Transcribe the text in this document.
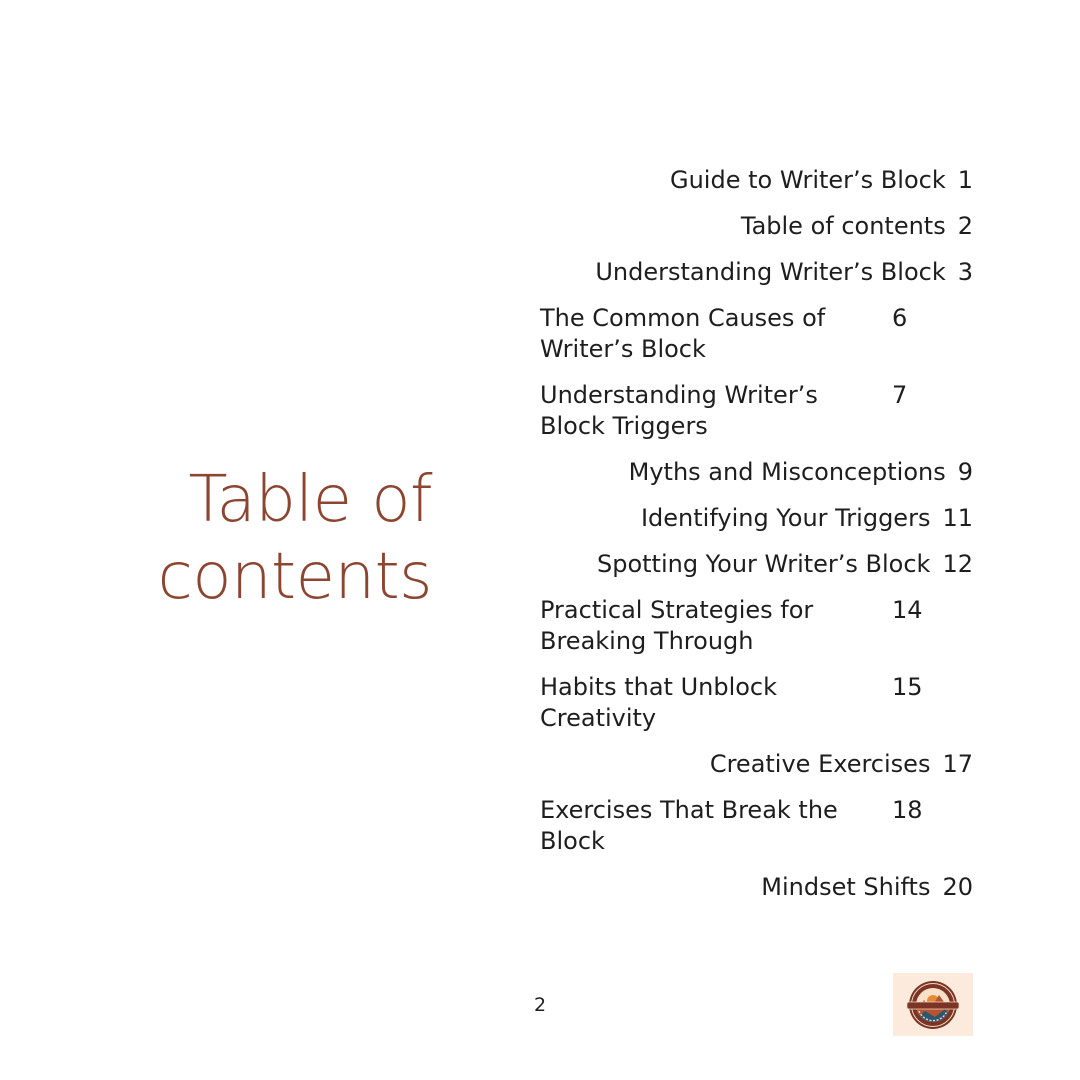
Table of contents
Guide to Writer’s Block 1
Table of contents 2
Understanding Writer’s Block 3
The Common Causes of Writer’s Block
6
Understanding Writer’s Block Triggers
7
Myths and Misconceptions 9
Identifying Your Triggers 11
Spotting Your Writer’s Block 12
Practical Strategies for Breaking Through
14
Habits that Unblock Creativity
15
Creative Exercises 17
Exercises That Break the Block
18
Mindset Shifts 20
2
